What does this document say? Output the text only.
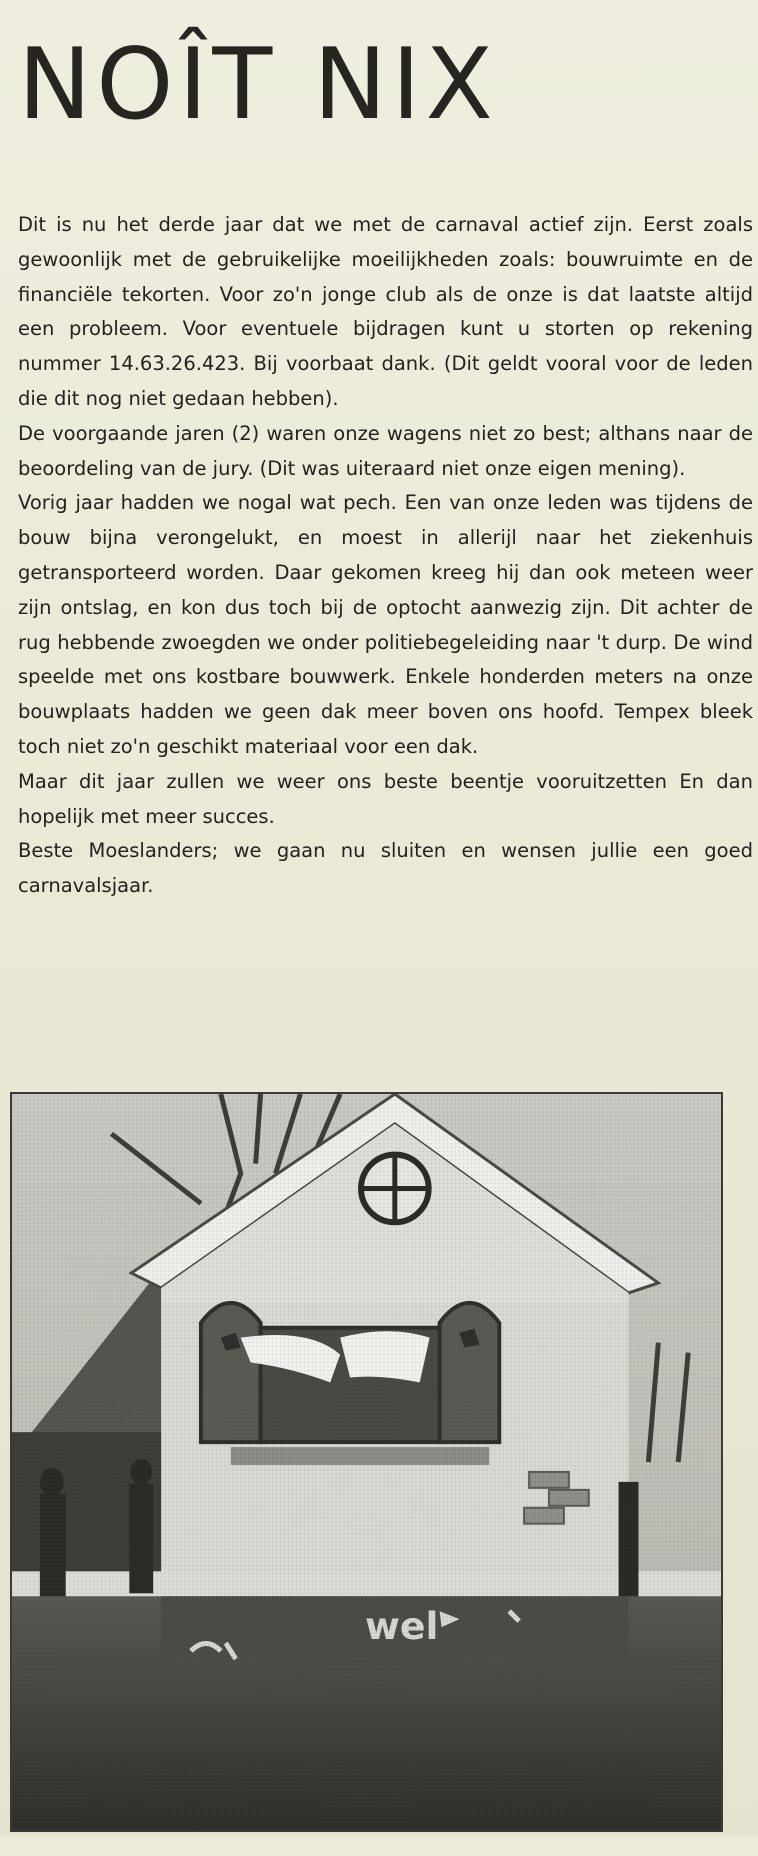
NOÎT NIX

Dit is nu het derde jaar dat we met de carnaval actief zijn. Eerst zoals gewoonlijk met de gebruikelijke moeilijkheden zoals: bouwruimte en de financiële tekorten. Voor zo'n jonge club als de onze is dat laatste altijd een probleem. Voor eventuele bijdragen kunt u storten op rekening nummer 14.63.26.423. Bij voorbaat dank. (Dit geldt vooral voor de leden die dit nog niet gedaan hebben).

De voorgaande jaren (2) waren onze wagens niet zo best; althans naar de beoordeling van de jury. (Dit was uiteraard niet onze eigen mening).

Vorig jaar hadden we nogal wat pech. Een van onze leden was tijdens de bouw bijna verongelukt, en moest in allerijl naar het ziekenhuis getransporteerd worden. Daar gekomen kreeg hij dan ook meteen weer zijn ontslag, en kon dus toch bij de optocht aanwezig zijn. Dit achter de rug hebbende zwoegden we onder politiebegeleiding naar 't durp. De wind speelde met ons kostbare bouwwerk. Enkele honderden meters na onze bouwplaats hadden we geen dak meer boven ons hoofd. Tempex bleek toch niet zo'n geschikt materiaal voor een dak.

Maar dit jaar zullen we weer ons beste beentje vooruitzetten En dan hopelijk met meer succes.

Beste Moeslanders; we gaan nu sluiten en wensen jullie een goed carnavalsjaar.
